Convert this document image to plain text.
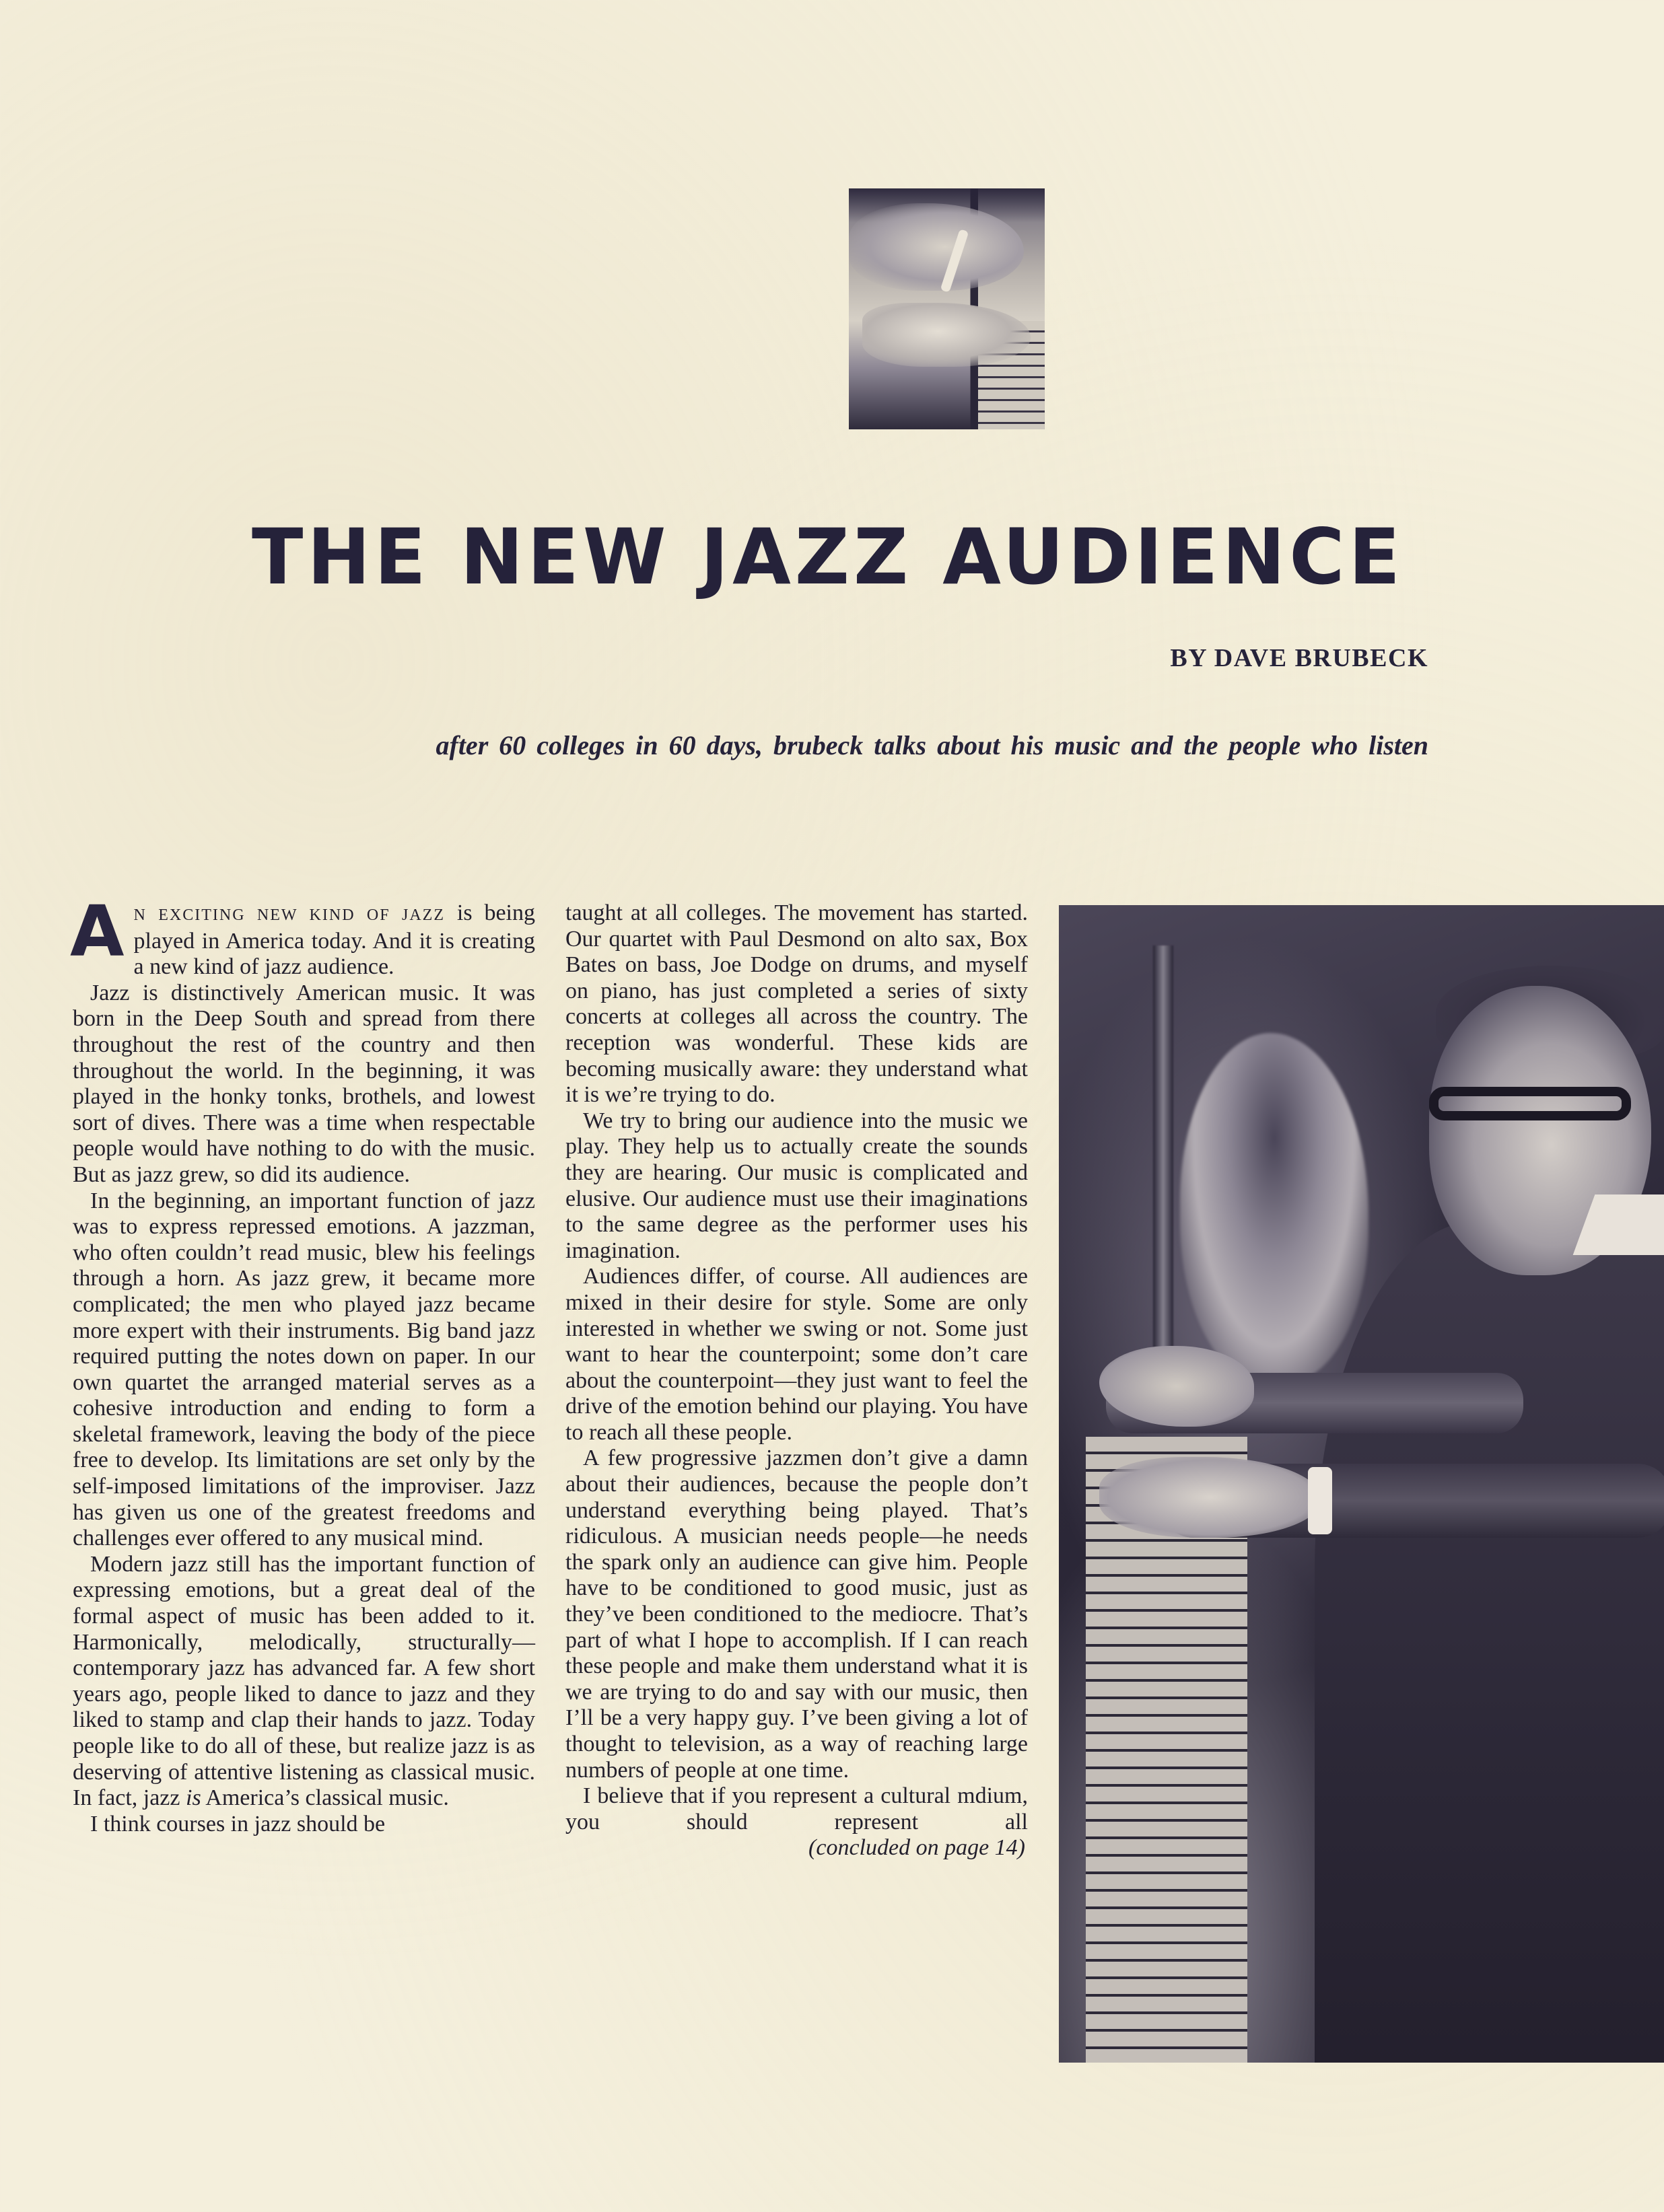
THE NEW JAZZ AUDIENCE
BY DAVE BRUBECK
after 60 colleges in 60 days, brubeck talks about his music and the people who listen

A N EXCITING NEW KIND OF JAZZ is being played in America today. And it is creating a new kind of jazz audience.

Jazz is distinctively American music. It was born in the Deep South and spread from there throughout the rest of the country and then throughout the world. In the beginning, it was played in the honky tonks, brothels, and lowest sort of dives. There was a time when respectable people would have nothing to do with the music. But as jazz grew, so did its audience.

In the beginning, an important function of jazz was to express repressed emotions. A jazzman, who often couldn’t read music, blew his feelings through a horn. As jazz grew, it became more complicated; the men who played jazz became more expert with their instruments. Big band jazz required putting the notes down on paper. In our own quartet the arranged material serves as a cohesive introduction and ending to form a skeletal framework, leaving the body of the piece free to develop. Its limitations are set only by the self-imposed limitations of the improviser. Jazz has given us one of the greatest freedoms and challenges ever offered to any musical mind.

Modern jazz still has the important function of expressing emotions, but a great deal of the formal aspect of music has been added to it. Harmonically, melodically, structurally—contemporary jazz has advanced far. A few short years ago, people liked to dance to jazz and they liked to stamp and clap their hands to jazz. Today people like to do all of these, but realize jazz is as deserving of attentive listening as classical music. In fact, jazz is America’s classical music.

I think courses in jazz should be

taught at all colleges. The movement has started. Our quartet with Paul Desmond on alto sax, Box Bates on bass, Joe Dodge on drums, and myself on piano, has just completed a series of sixty concerts at colleges all across the country. The reception was wonderful. These kids are becoming musically aware: they understand what it is we’re trying to do.

We try to bring our audience into the music we play. They help us to actually create the sounds they are hearing. Our music is complicated and elusive. Our audience must use their imaginations to the same degree as the performer uses his imagination.

Audiences differ, of course. All audiences are mixed in their desire for style. Some are only interested in whether we swing or not. Some just want to hear the counterpoint; some don’t care about the counterpoint—they just want to feel the drive of the emotion behind our playing. You have to reach all these people.

A few progressive jazzmen don’t give a damn about their audiences, because the people don’t understand everything being played. That’s ridiculous. A musician needs people—he needs the spark only an audience can give him. People have to be conditioned to good music, just as they’ve been conditioned to the mediocre. That’s part of what I hope to accomplish. If I can reach these people and make them understand what it is we are trying to do and say with our music, then I’ll be a very happy guy. I’ve been giving a lot of thought to television, as a way of reaching large numbers of people at one time.

I believe that if you represent a cultural mdium, you should represent all

(concluded on page 14)
